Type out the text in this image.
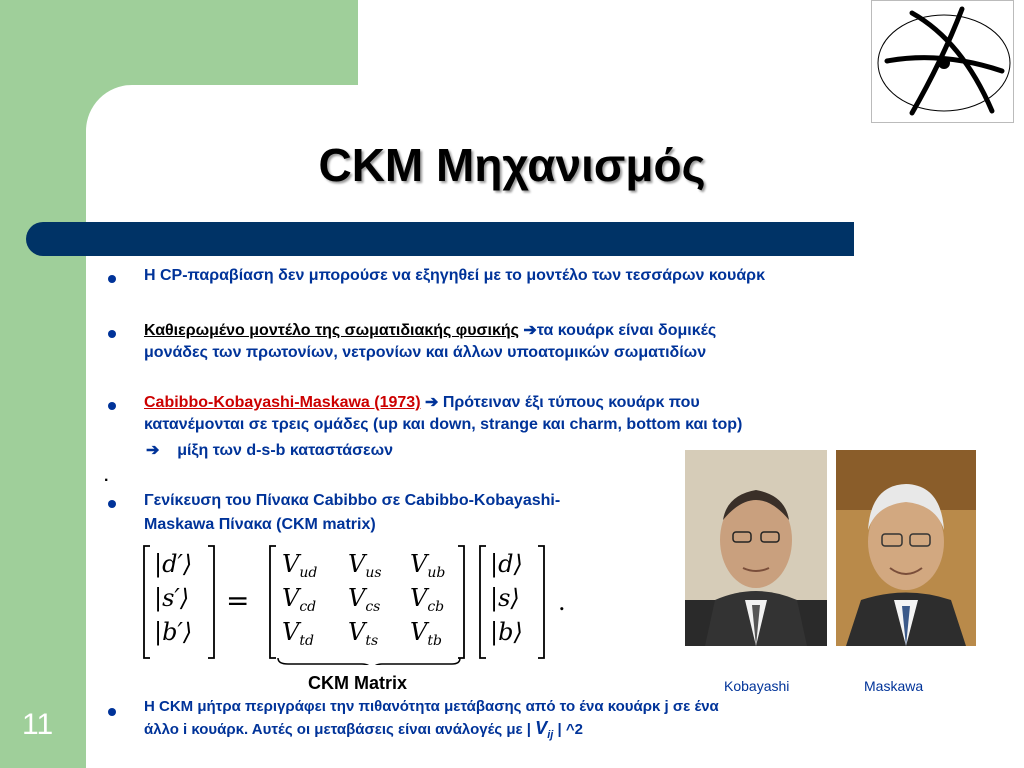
11
CKM Μηχανισμός
Η CP-παραβίαση δεν μπορούσε να εξηγηθεί με το μοντέλο των τεσσάρων κουάρκ
Καθιερωμένο μοντέλο της σωματιδιακής φυσικής ➔τα κουάρκ είναι δομικές
μονάδες των πρωτονίων, νετρονίων και άλλων υποατομικών σωματιδίων
Cabibbo-Kobayashi-Maskawa (1973) ➔ Πρότειναν έξι τύπους κουάρκ που
κατανέμονται σε τρεις ομάδες (up και down, strange και charm, bottom και top)
➔ μίξη των d-s-b καταστάσεων
.
Γενίκευση του Πίνακα Cabibbo σε Cabibbo-Kobayashi-
Maskawa Πίνακα (CKM matrix)
|d′⟩
|s′⟩
|b′⟩
=
$V_{ud}$ $V_{us}$ $V_{ub}$
$V_{cd}$ $V_{cs}$ $V_{cb}$
$V_{td}$ $V_{ts}$ $V_{tb}$
|d⟩
|s⟩
|b⟩
.
CKM Matrix	Kobayashi	Maskawa
Η CKM μήτρα περιγράφει την πιθανότητα μετάβασης από το ένα κουάρκ j σε ένα
άλλο i κουάρκ. Αυτές οι μεταβάσεις είναι ανάλογές με | $V_{ij}$ | ^2
